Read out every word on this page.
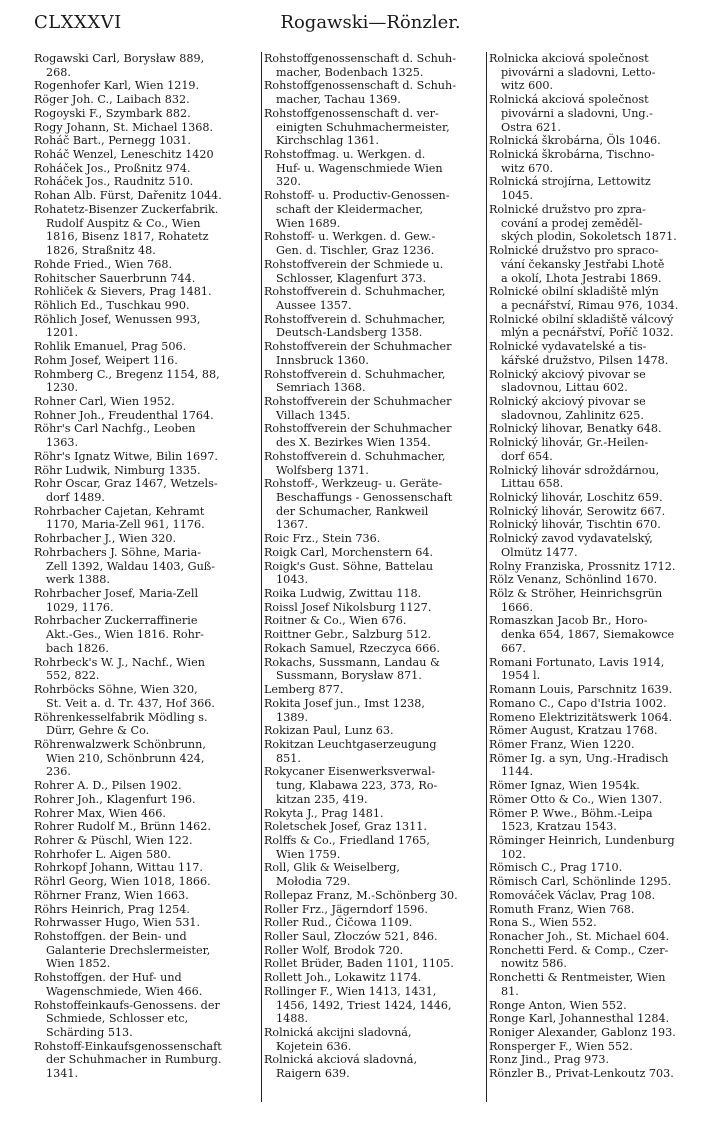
CLXXXVI	Rogawski—Rönzler.
Rogawski Carl, Borysław 889,
268.
Rogenhofer Karl, Wien 1219.
Röger Joh. C., Laibach 832.
Rogoyski F., Szymbark 882.
Rogy Johann, St. Michael 1368.
Roháč Bart., Pernegg 1031.
Roháč Wenzel, Leneschitz 1420
Roháček Jos., Proßnitz 974.
Roháček Jos., Raudnitz 510.
Rohan Alb. Fürst, Dařenitz 1044.
Rohatetz-Bisenzer Zuckerfabrik.
Rudolf Auspitz & Co., Wien
1816, Bisenz 1817, Rohatetz
1826, Straßnitz 48.
Rohde Fried., Wien 768.
Rohitscher Sauerbrunn 744.
Rohliček & Sievers, Prag 1481.
Röhlich Ed., Tuschkau 990.
Röhlich Josef, Wenussen 993,
1201.
Rohlik Emanuel, Prag 506.
Rohm Josef, Weipert 116.
Rohmberg C., Bregenz 1154, 88,
1230.
Rohner Carl, Wien 1952.
Rohner Joh., Freudenthal 1764.
Röhr's Carl Nachfg., Leoben
1363.
Röhr's Ignatz Witwe, Bilin 1697.
Röhr Ludwik, Nimburg 1335.
Rohr Oscar, Graz 1467, Wetzels-
dorf 1489.
Rohrbacher Cajetan, Kehramt
1170, Maria-Zell 961, 1176.
Rohrbacher J., Wien 320.
Rohrbachers J. Söhne, Maria-
Zell 1392, Waldau 1403, Guß-
werk 1388.
Rohrbacher Josef, Maria-Zell
1029, 1176.
Rohrbacher Zuckerraffinerie
Akt.-Ges., Wien 1816. Rohr-
bach 1826.
Rohrbeck's W. J., Nachf., Wien
552, 822.
Rohrböcks Söhne, Wien 320,
St. Veit a. d. Tr. 437, Hof 366.
Röhrenkesselfabrik Mödling s.
Dürr, Gehre & Co.
Röhrenwalzwerk Schönbrunn,
Wien 210, Schönbrunn 424,
236.
Rohrer A. D., Pilsen 1902.
Rohrer Joh., Klagenfurt 196.
Rohrer Max, Wien 466.
Rohrer Rudolf M., Brünn 1462.
Rohrer & Püschl, Wien 122.
Rohrhofer L. Aigen 580.
Rohrkopf Johann, Wittau 117.
Röhrl Georg, Wien 1018, 1866.
Röhrner Franz, Wien 1663.
Röhrs Heinrich, Prag 1254.
Rohrwasser Hugo, Wien 531.
Rohstoffgen. der Bein- und
Galanterie Drechslermeister,
Wien 1852.
Rohstoffgen. der Huf- und
Wagenschmiede, Wien 466.
Rohstoffeinkaufs-Genossens. der
Schmiede, Schlosser etc,
Schärding 513.
Rohstoff-Einkaufsgenossenschaft
der Schuhmacher in Rumburg.
1341.
Rohstoffgenossenschaft d. Schuh-
macher, Bodenbach 1325.
Rohstoffgenossenschaft d. Schuh-
macher, Tachau 1369.
Rohstoffgenossenschaft d. ver-
einigten Schuhmachermeister,
Kirchschlag 1361.
Rohstoffmag. u. Werkgen. d.
Huf- u. Wagenschmiede Wien
320.
Rohstoff- u. Productiv-Genossen-
schaft der Kleidermacher,
Wien 1689.
Rohstoff- u. Werkgen. d. Gew.-
Gen. d. Tischler, Graz 1236.
Rohstoffverein der Schmiede u.
Schlosser, Klagenfurt 373.
Rohstoffverein d. Schuhmacher,
Aussee 1357.
Rohstoffverein d. Schuhmacher,
Deutsch-Landsberg 1358.
Rohstoffverein der Schuhmacher
Innsbruck 1360.
Rohstoffverein d. Schuhmacher,
Semriach 1368.
Rohstoffverein der Schuhmacher
Villach 1345.
Rohstoffverein der Schuhmacher
des X. Bezirkes Wien 1354.
Rohstoffverein d. Schuhmacher,
Wolfsberg 1371.
Rohstoff-, Werkzeug- u. Geräte-
Beschaffungs - Genossenschaft
der Schumacher, Rankweil
1367.
Roic Frz., Stein 736.
Roigk Carl, Morchenstern 64.
Roigk's Gust. Söhne, Battelau
1043.
Roika Ludwig, Zwittau 118.
Roissl Josef Nikolsburg 1127.
Roitner & Co., Wien 676.
Roittner Gebr., Salzburg 512.
Rokach Samuel, Rzeczyca 666.
Rokachs, Sussmann, Landau &
Sussmann, Borysław 871.
Lemberg 877.
Rokita Josef jun., Imst 1238,
1389.
Rokizan Paul, Lunz 63.
Rokitzan Leuchtgaserzeugung
851.
Rokycaner Eisenwerksverwal-
tung, Klabawa 223, 373, Ro-
kitzan 235, 419.
Rokyta J., Prag 1481.
Roletschek Josef, Graz 1311.
Rolffs & Co., Friedland 1765,
Wien 1759.
Roll, Glik & Weiselberg,
Mołodia 729.
Rollepaz Franz, M.-Schönberg 30.
Roller Frz., Jägerndorf 1596.
Roller Rud., Čičowa 1109.
Roller Saul, Złoczów 521, 846.
Roller Wolf, Brodok 720.
Rollet Brüder, Baden 1101, 1105.
Rollett Joh., Lokawitz 1174.
Rollinger F., Wien 1413, 1431,
1456, 1492, Triest 1424, 1446,
1488.
Rolnická akcijni sladovná,
Kojetein 636.
Rolnická akciová sladovná,
Raigern 639.
Rolnicka akciová společnost
pivovárni a sladovni, Letto-
witz 600.
Rolnická akciová společnost
pivovárni a sladovni, Ung.-
Ostra 621.
Rolnická škrobárna, Öls 1046.
Rolnická škrobárna, Tischno-
witz 670.
Rolnická strojírna, Lettowitz
1045.
Rolnické družstvo pro zpra-
cování a prodej zeměděl-
ských plodin, Sokoletsch 1871.
Rolnické družstvo pro spraco-
vání čekansky Jestřabi Lhotě
a okolí, Lhota Jestrabi 1869.
Rolnické obilní skladiště mlýn
a pecnářství, Rimau 976, 1034.
Rolnické obilní skladiště válcový
mlýn a pecnářství, Poříč 1032.
Rolnické vydavatelské a tis-
kářské družstvo, Pilsen 1478.
Rolnický akciový pivovar se
sladovnou, Littau 602.
Rolnický akciový pivovar se
sladovnou, Zahlinitz 625.
Rolnický lihovar, Benatky 648.
Rolnický lihovár, Gr.-Heilen-
dorf 654.
Rolnický lihovár sdroždárnou,
Littau 658.
Rolnický lihovár, Loschitz 659.
Rolnický lihovár, Serowitz 667.
Rolnický lihovár, Tischtin 670.
Rolnický zavod vydavatelský,
Olmütz 1477.
Rolny Franziska, Prossnitz 1712.
Rölz Venanz, Schönlind 1670.
Rölz & Ströher, Heinrichsgrün
1666.
Romaszkan Jacob Br., Horo-
denka 654, 1867, Siemakowce
667.
Romani Fortunato, Lavis 1914,
1954 l.
Romann Louis, Parschnitz 1639.
Romano C., Capo d'Istria 1002.
Romeno Elektrizitätswerk 1064.
Römer August, Kratzau 1768.
Römer Franz, Wien 1220.
Römer Ig. a syn, Ung.-Hradisch
1144.
Römer Ignaz, Wien 1954k.
Römer Otto & Co., Wien 1307.
Römer P. Wwe., Böhm.-Leipa
1523, Kratzau 1543.
Röminger Heinrich, Lundenburg
102.
Römisch C., Prag 1710.
Römisch Carl, Schönlinde 1295.
Romováček Václav, Prag 108.
Romuth Franz, Wien 768.
Rona S., Wien 552.
Ronacher Joh., St. Michael 604.
Ronchetti Ferd. & Comp., Czer-
nowitz 586.
Ronchetti & Rentmeister, Wien
81.
Ronge Anton, Wien 552.
Ronge Karl, Johannesthal 1284.
Roniger Alexander, Gablonz 193.
Ronsperger F., Wien 552.
Ronz Jind., Prag 973.
Rönzler B., Privat-Lenkoutz 703.
